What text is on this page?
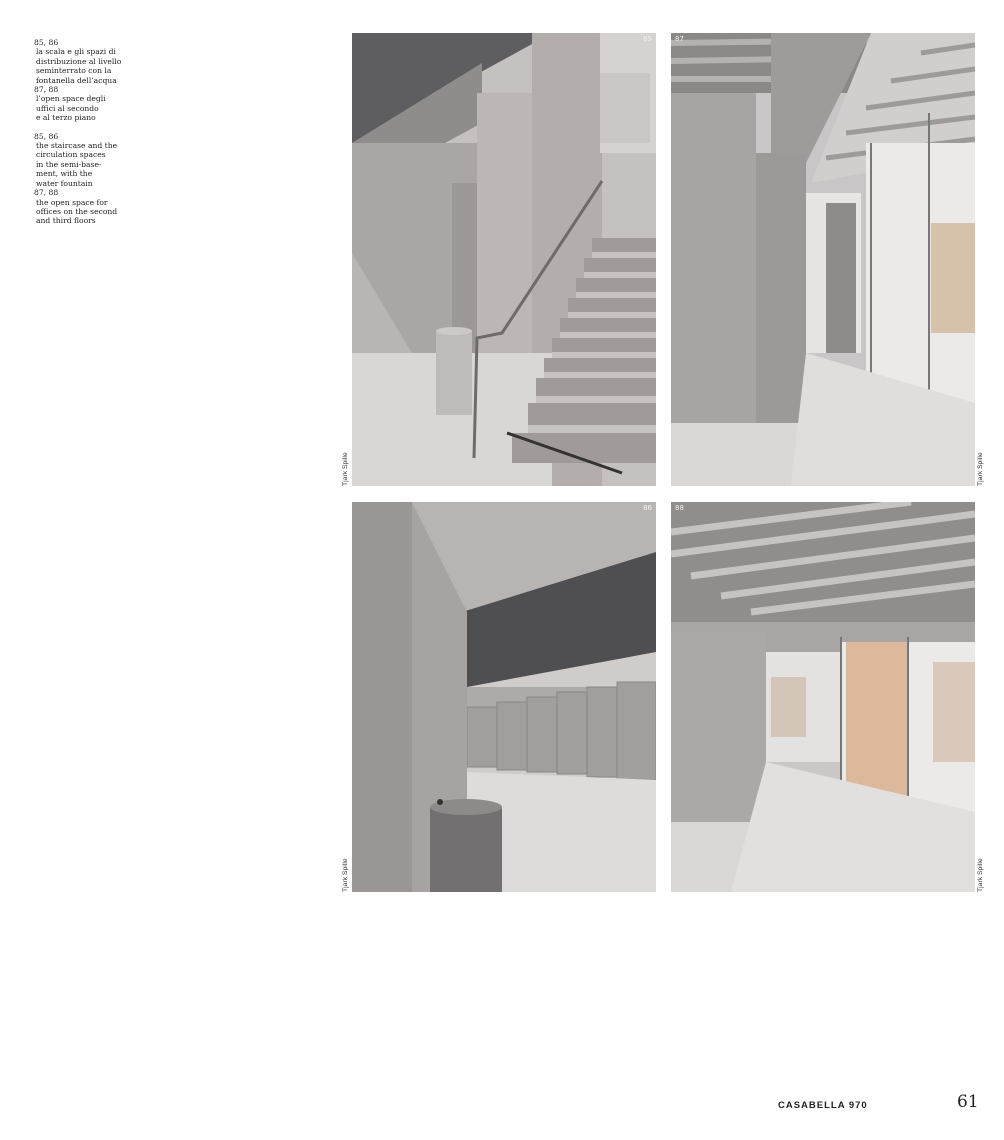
85, 86
la scala e gli spazi di
distribuzione al livello
seminterrato con la
fontanella dell’acqua
87, 88
l’open space degli
uffici al secondo
e al terzo piano

85, 86
the staircase and the
circulation spaces
in the semi-base-
ment, with the
water fountain
87, 88
the open space for
offices on the second
and third floors

85	87
86	88
Tjark Spille	Tjark Spille
Tjark Spille	Tjark Spille
CASABELLA 970	61
